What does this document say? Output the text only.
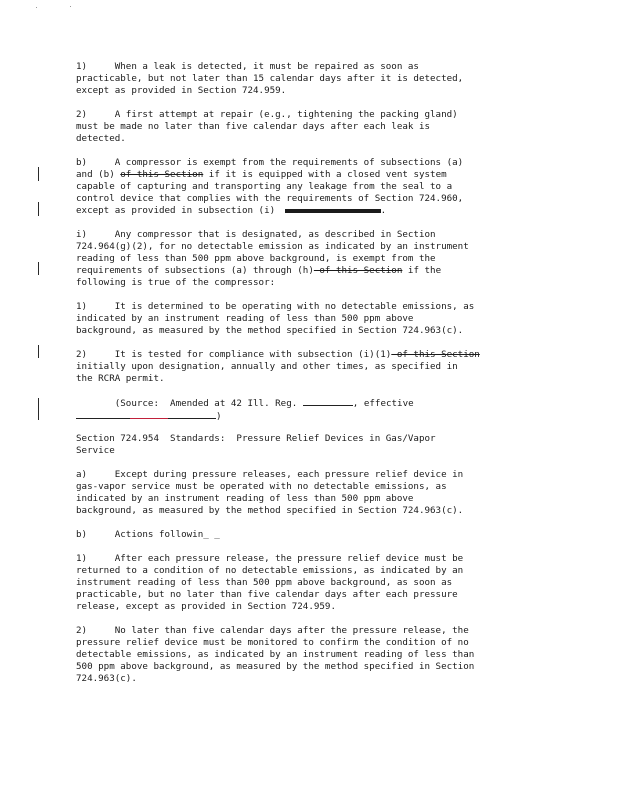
1)     When a leak is detected, it must be repaired as soon as
practicable, but not later than 15 calendar days after it is detected,
except as provided in Section 724.959.
2)     A first attempt at repair (e.g., tightening the packing gland)
must be made no later than five calendar days after each leak is
detected.
b)     A compressor is exempt from the requirements of subsections (a)
and (b) of this Section if it is equipped with a closed vent system
capable of capturing and transporting any leakage from the seal to a
control device that complies with the requirements of Section 724.960,
except as provided in subsection (i)	.
i)     Any compressor that is designated, as described in Section
724.964(g)(2), for no detectable emission as indicated by an instrument
reading of less than 500 ppm above background, is exempt from the
requirements of subsections (a) through (h) of this Section if the
following is true of the compressor:
1)     It is determined to be operating with no detectable emissions, as
indicated by an instrument reading of less than 500 ppm above
background, as measured by the method specified in Section 724.963(c).
2)     It is tested for compliance with subsection (i)(1) of this Section
initially upon designation, annually and other times, as specified in
the RCRA permit.
(Source:  Amended at 42 Ill. Reg.	, effective
)
Section 724.954  Standards:  Pressure Relief Devices in Gas/Vapor
Service
a)     Except during pressure releases, each pressure relief device in
gas-vapor service must be operated with no detectable emissions, as
indicated by an instrument reading of less than 500 ppm above
background, as measured by the method specified in Section 724.963(c).
b)     Actions followin_ _
1)     After each pressure release, the pressure relief device must be
returned to a condition of no detectable emissions, as indicated by an
instrument reading of less than 500 ppm above background, as soon as
practicable, but no later than five calendar days after each pressure
release, except as provided in Section 724.959.
2)     No later than five calendar days after the pressure release, the
pressure relief device must be monitored to confirm the condition of no
detectable emissions, as indicated by an instrument reading of less than
500 ppm above background, as measured by the method specified in Section
724.963(c).
